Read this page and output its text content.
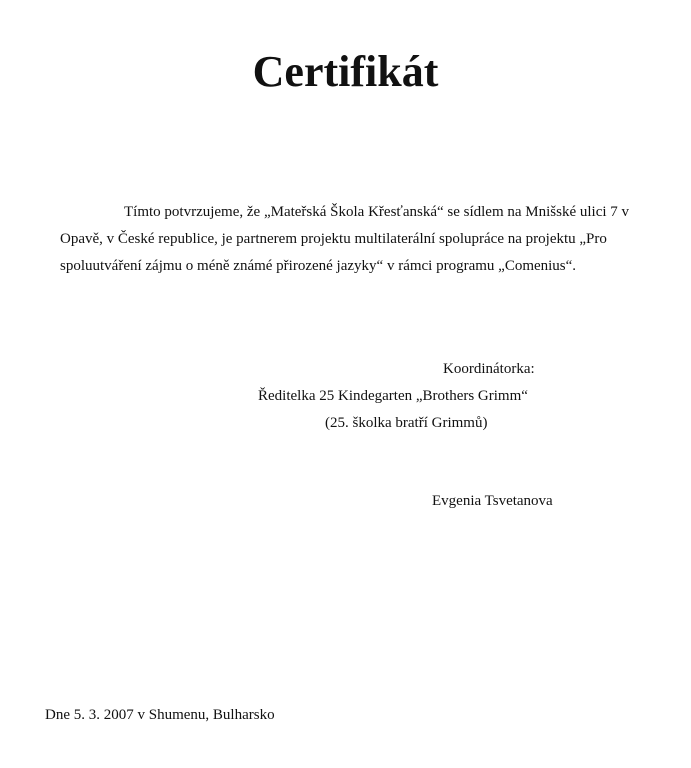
Certifikát
Tímto potvrzujeme, že „Mateřská Škola Křesťanská“ se sídlem na Mnišské ulici 7 v
Opavě, v České republice, je partnerem projektu multilaterální spolupráce na projektu „Pro
spoluutváření zájmu o méně známé přirozené jazyky“ v rámci programu „Comenius“.
Koordinátorka:
Ředitelka 25 Kindegarten „Brothers Grimm“
(25. školka bratří Grimmů)
Evgenia Tsvetanova
Dne 5. 3. 2007 v Shumenu, Bulharsko
